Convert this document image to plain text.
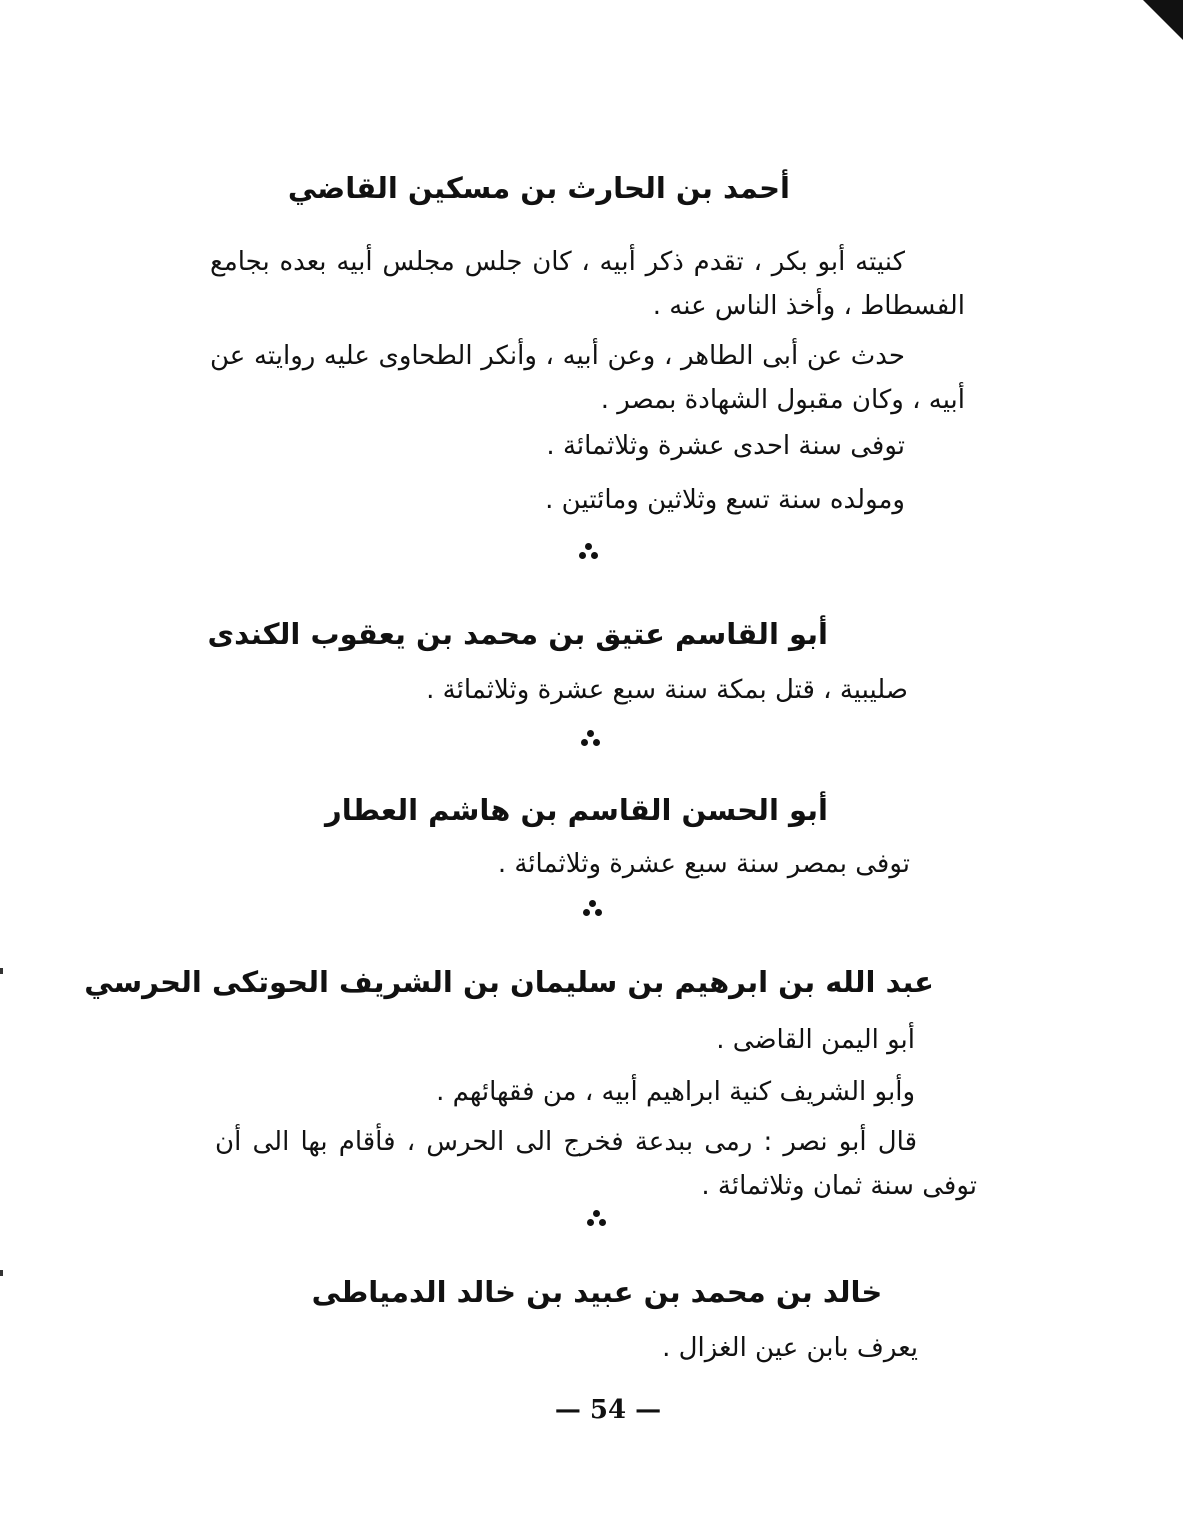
أحمد بن الحارث بن مسكين القاضي
كنيته أبو بكر ، تقدم ذكر أبيه ، كان جلس مجلس أبيه بعده بجامع الفسطاط ، وأخذ الناس عنه .
حدث عن أبى الطاهر ، وعن أبيه ، وأنكر الطحاوى عليه روايته عن أبيه ، وكان مقبول الشهادة بمصر .
توفى سنة احدى عشرة وثلاثمائة .
ومولده سنة تسع وثلاثين ومائتين .
أبو القاسم عتيق بن محمد بن يعقوب الكندى
صليبية ، قتل بمكة سنة سبع عشرة وثلاثمائة .
أبو الحسن القاسم بن هاشم العطار
توفى بمصر سنة سبع عشرة وثلاثمائة .
عبد الله بن ابرهيم بن سليمان بن الشريف الحوتكى الحرسي
أبو اليمن القاضى .
وأبو الشريف كنية ابراهيم أبيه ، من فقهائهم .
قال أبو نصر : رمى ببدعة فخرج الى الحرس ، فأقام بها الى أن توفى سنة ثمان وثلاثمائة .
خالد بن محمد بن عبيد بن خالد الدمياطى
يعرف بابن عين الغزال .
— 54 —
